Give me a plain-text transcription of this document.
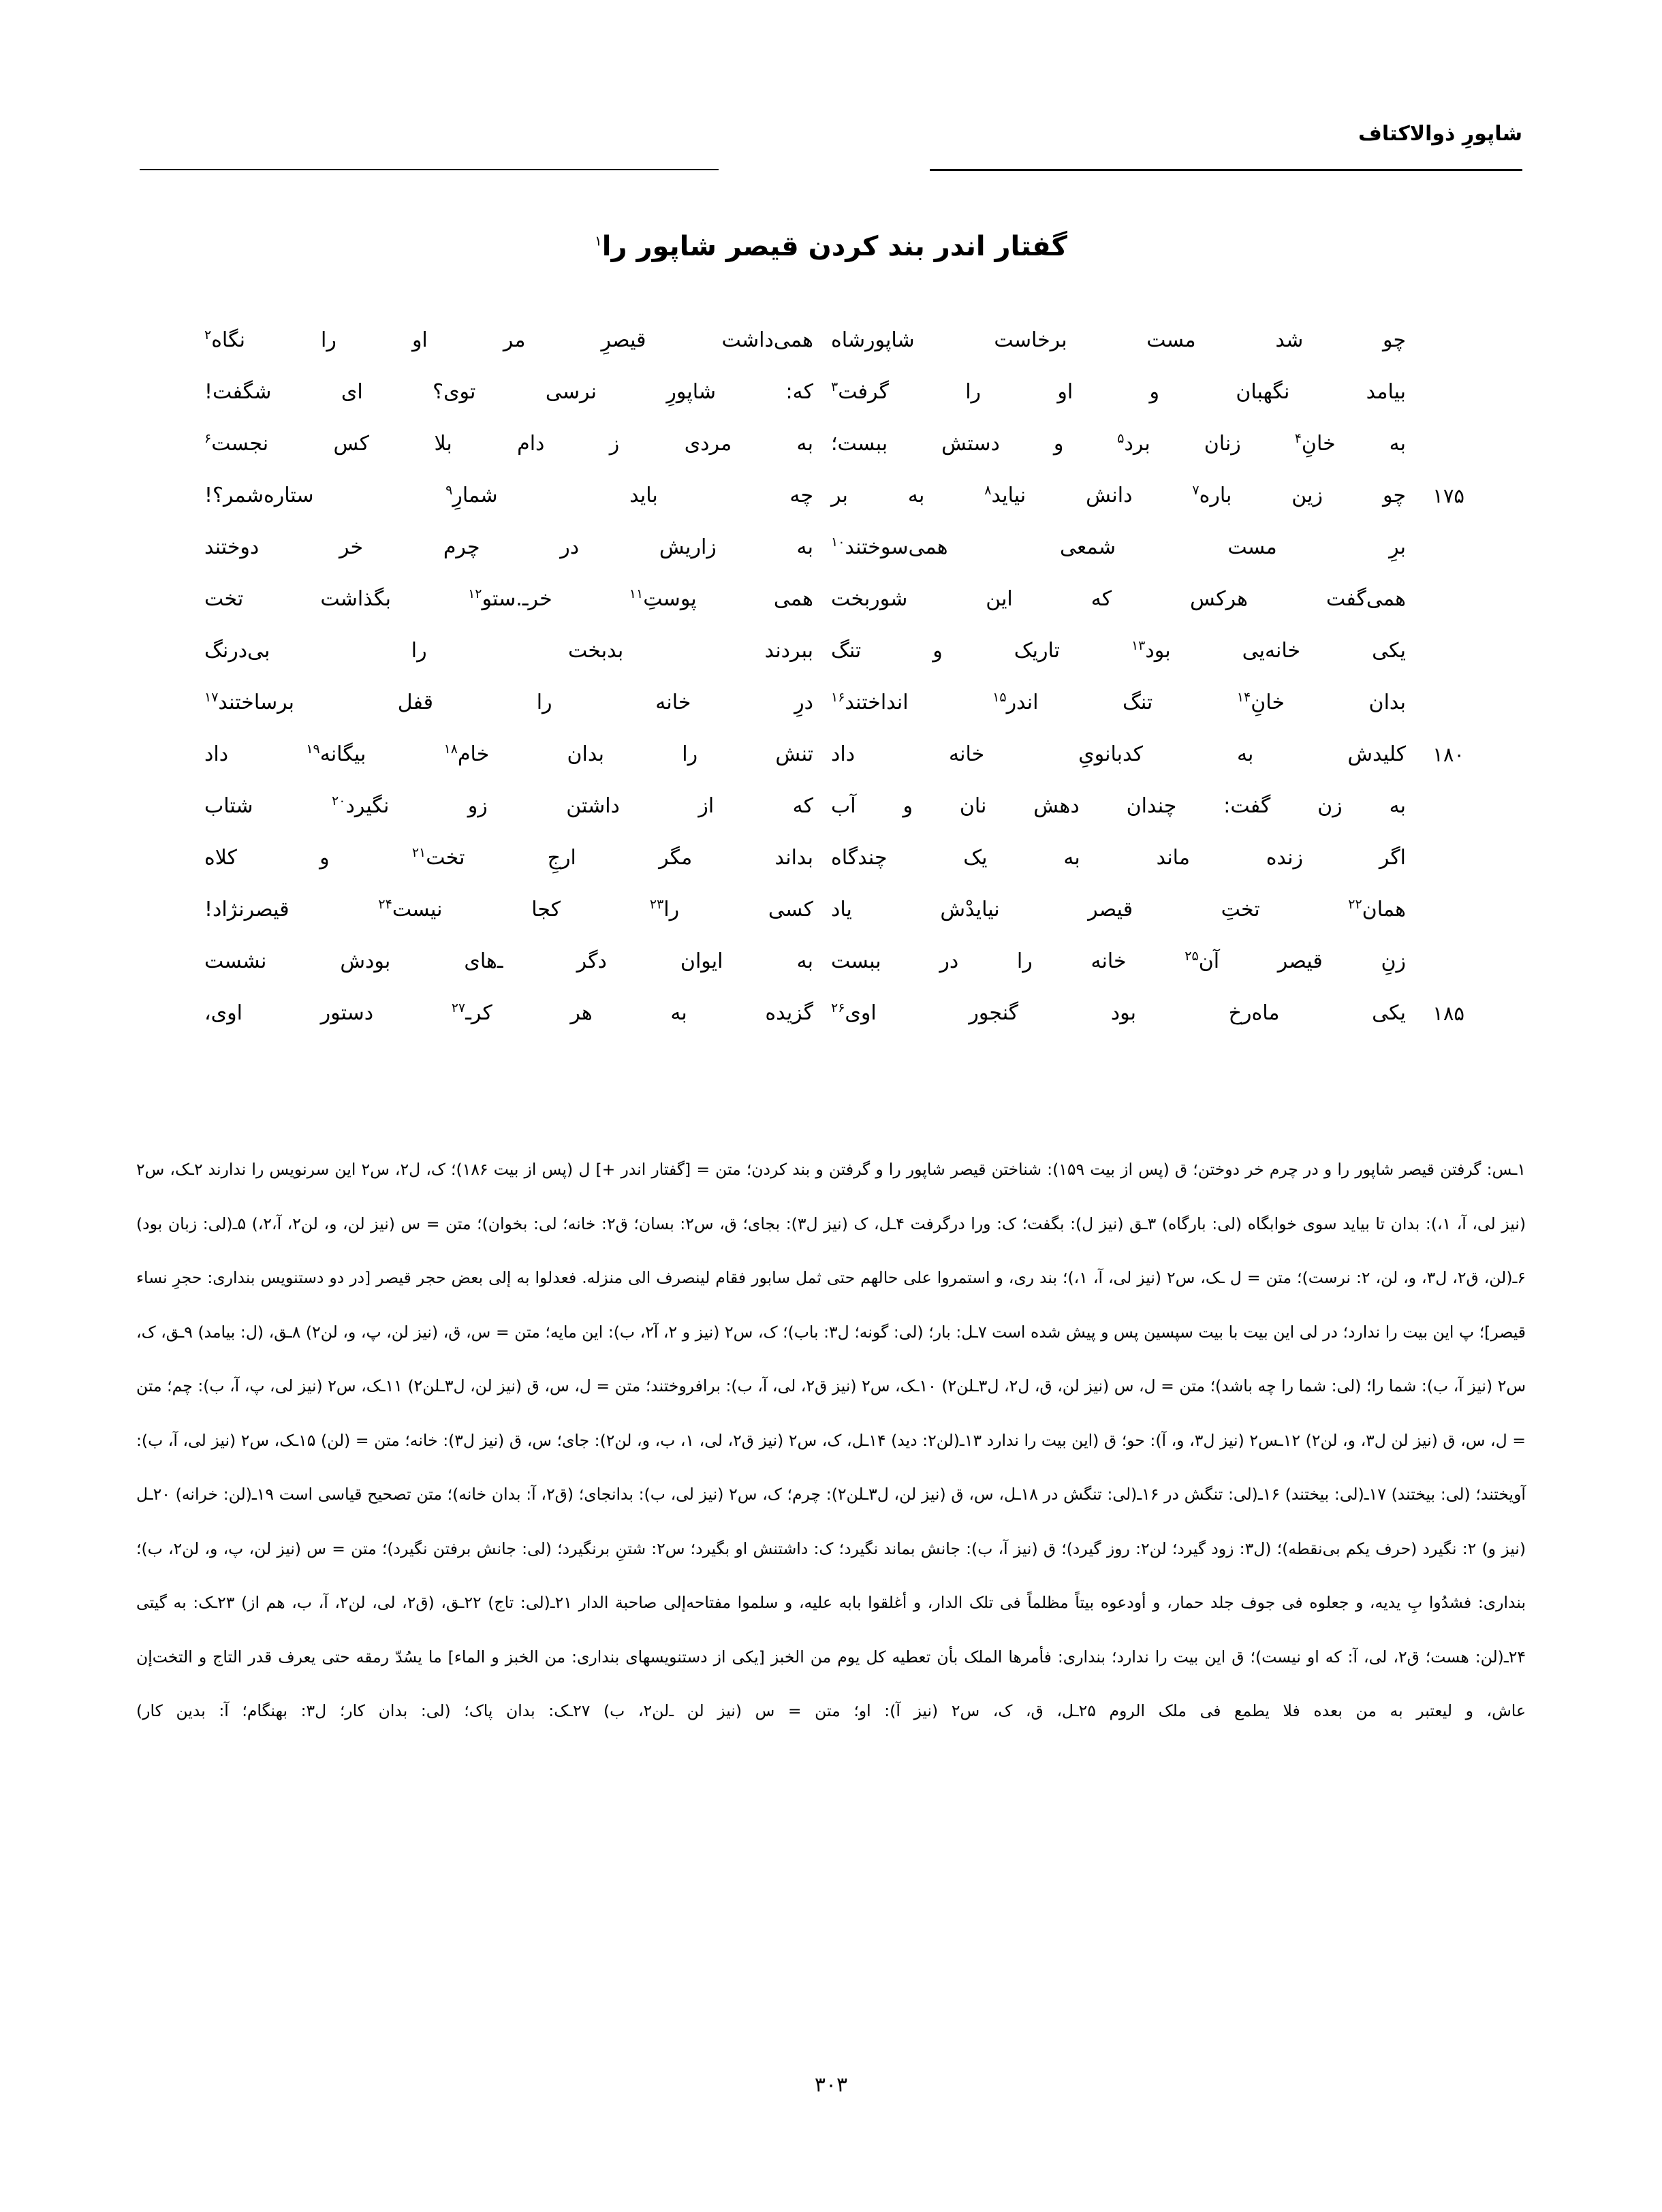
شاپورِ ذوالاکتاف
گفتار اندر بند کردن قیصر شاپور را$^۱$
چو شد مست برخاست شاپورشاه
همی‌داشت قیصرِ مر او را نگاه$^۲$
بیامد نگهبان و او را گرفت$^۳$
که: شاپورِ نرسی توی؟ ای شگفت!
به خانِ$^۴$ زنان برد$^۵$ و دستش ببست؛
به مردی ز دام بلا کس نجست$^۶$
چو زین باره$^۷$ دانش نیاید$^۸$ به بر	۱۷۵
چه باید شمارِ$^۹$ ستاره‌شمر؟!
برِ مست شمعی همی‌سوختند$^{۱۰}$
به زاریش در چرم خر دوختند
همی‌گفت هرکس که این شوربخت
همی پوستِ$^{۱۱}$ خرـ.ستو$^{۱۲}$ بگذاشت تخت
یکی خانه‌یی بود$^{۱۳}$ تاریک و تنگ
ببردند بدبخت را بی‌درنگ
بدان خانِ$^{۱۴}$ تنگ اندر$^{۱۵}$ انداختند$^{۱۶}$
درِ خانه را قفل برساختند$^{۱۷}$
کلیدش به کدبانویِ خانه داد	۱۸۰
تنش را بدان خام$^{۱۸}$ بیگانه$^{۱۹}$ داد
به زن گفت: چندان دهش نان و آب
که از داشتن زو نگیرد$^{۲۰}$ شتاب
اگر زنده ماند به یک چندگاه
بداند مگر ارجِ تخت$^{۲۱}$ و کلاه
همان$^{۲۲}$ تختِ قیصر نیایدْش یاد
کسی را$^{۲۳}$ کجا نیست$^{۲۴}$ قیصرنژاد!
زنِ قیصر آن$^{۲۵}$ خانه را در ببست
به ایوان دگر ـ‌های بودش نشست
یکی ماه‌رخ بود گنجور اوی$^{۲۶}$	۱۸۵
گزیده به هر کرـ$^{۲۷}$ دستور اوی،

۱ـس: گرفتن قیصر شاپور را و در چرم خر دوختن؛ ق (پس از بیت ۱۵۹): شناختن قیصر شاپور را و گرفتن و بند کردن؛ متن = [گفتار اندر +] ل (پس از بیت ۱۸۶)؛ ک، ل۲، س۲ این سرنویس را ندارند ۲ـک، س۲ (نیز لی، آ، ۱،): بدان تا بیاید سوی خوابگاه (لی: بارگاه) ۳ـق (نیز ل): بگفت؛ ک: ورا درگرفت ۴ـل، ک (نیز ل۳): بجای؛ ق، س۲: بسان؛ ق۲: خانه؛ لی: بخوان)؛ متن = س (نیز لن، و، لن۲، آ،۲،) ۵ـ(لی: زبان بود) ۶ـ(لن، ق۲، ل۳، و، لن، ۲: نرست)؛ متن = ل ـک، س۲ (نیز لی، آ، ۱،)؛ بند ری، و استمروا علی حالهم حتی ثمل سابور فقام لینصرف الی منزله. فعدلوا به إلی بعض حجر قیصر [در دو دستنویس بنداری: حجرِ نساء قیصر]؛ پ این بیت را ندارد؛ در لی این بیت با بیت سپسین پس و پیش شده است ۷ـل: بار؛ (لی: گونه؛ ل۳: باب)؛ ک، س۲ (نیز و ۲، آ۲، ب): این مایه؛ متن = س، ق، (نیز لن، پ، و، لن۲) ۸ـق، (ل: بیامد) ۹ـق، ک، س۲ (نیز آ، ب): شما را؛ (لی: شما را چه باشد)؛ متن = ل، س (نیز لن، ق، ل۲، ل۳ـلن۲) ۱۰ـک، س۲ (نیز ق۲، لی، آ، ب): برافروختند؛ متن = ل، س، ق (نیز لن، ل۳ـلن۲) ۱۱ـک، س۲ (نیز لی، پ، آ، ب): چم؛ متن = ل، س، ق (نیز لن ل۳، و، لن۲) ۱۲ـس۲ (نیز ل۳، و، آ): حو؛ ق (این بیت را ندارد ۱۳ـ(لن۲: دید) ۱۴ـل، ک، س۲ (نیز ق۲، لی، ۱، ب، و، لن۲): جای؛ س، ق (نیز ل۳): خانه؛ متن = (لن) ۱۵ـک، س۲ (نیز لی، آ، ب): آویختند؛ (لی: بیختند) ۱۷ـ(لی: بیختند) ۱۶ـ(لی: تنگش در ۱۶ـ(لی: تنگش در ۱۸ـل، س، ق (نیز لن، ل۳ـلن۲): چرم؛ ک، س۲ (نیز لی، ب): بدانجای؛ (ق۲، آ: بدان خانه)؛ متن تصحیح قیاسی است ۱۹ـ(لن: خرانه) ۲۰ـل (نیز و) ۲: نگیرد (حرف یکم بی‌نقطه)؛ (ل۳: زود گیرد؛ لن۲: روز گیرد)؛ ق (نیز آ، ب): جانش بماند نگیرد؛ ک: داشتنش او بگیرد؛ س۲: شتنِ برنگیرد؛ (لی: جانش برفتن نگیرد)؛ متن = س (نیز لن، پ، و، لن۲، ب)؛ بنداری: فشدُوا بِ یدیه، و جعلوه فی جوف جلد حمار، و أودعوه بیتاً مظلماً فی تلک الدار، و أغلقوا بابه علیه، و سلموا مفتاحه‌إلی صاحبة الدار ۲۱ـ(لی: تاج) ۲۲ـق، (ق۲، لی، لن۲، آ، ب، هم از) ۲۳ـک: به گیتی ۲۴ـ(لن: هست؛ ق۲، لی، آ: که او نیست)؛ ق این بیت را ندارد؛ بنداری: فأمرها الملک بأن تعطیه کل یوم من الخبز [یکی از دستنویسهای بنداری: من الخبز و الماء] ما یسُدّ رمقه حتی یعرف قدر التاج و التخت‌إن عاش، و لیعتبر به من بعده فلا یطمع فی ملک الروم ۲۵ـل، ق، ک، س۲ (نیز آ): او؛ متن = س (نیز لن ـ‌لن۲، ب) ۲۷ـک: بدان پاک؛ (لی: بدان کار؛ ل۳: بهنگام؛ آ: بدین کار)

۳۰۳
